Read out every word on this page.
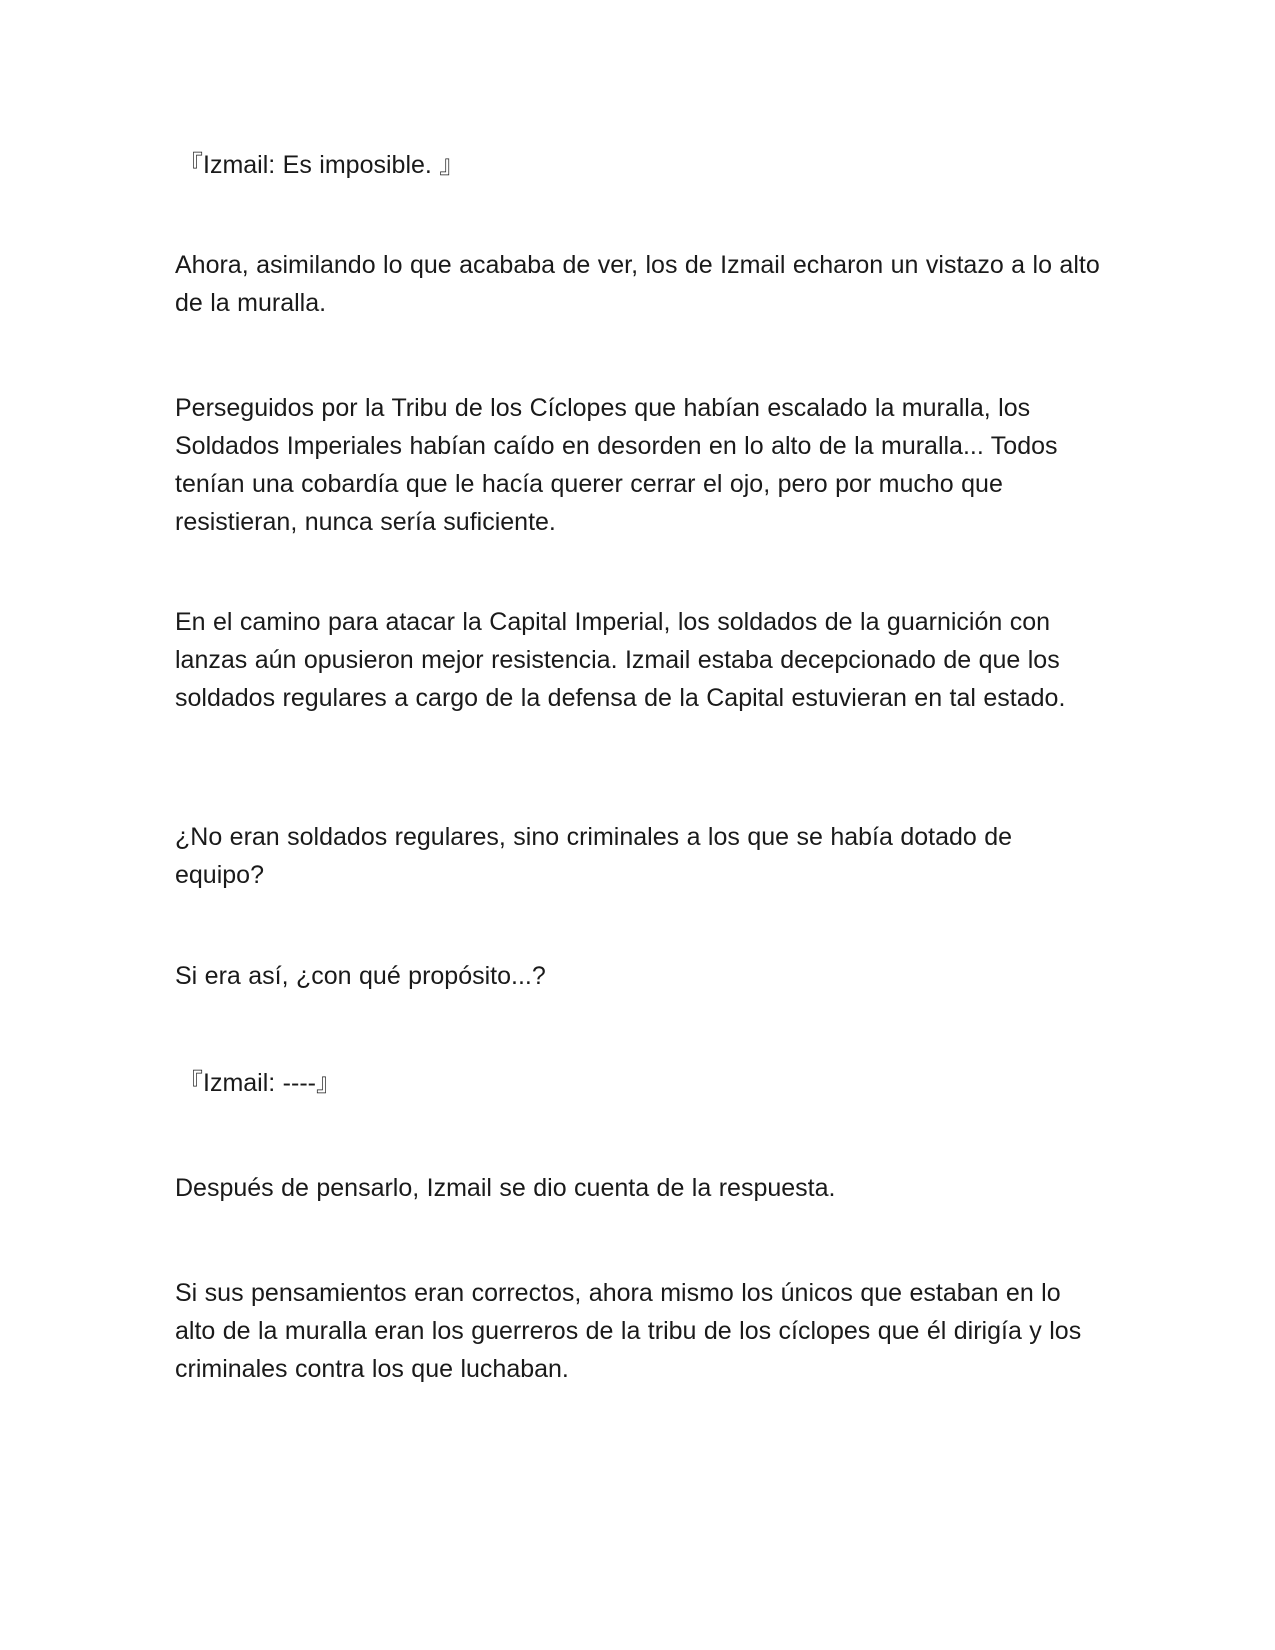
『Izmail: Es imposible. 』

Ahora, asimilando lo que acababa de ver, los de Izmail echaron un vistazo a lo alto de la muralla.

Perseguidos por la Tribu de los Cíclopes que habían escalado la muralla, los Soldados Imperiales habían caído en desorden en lo alto de la muralla... Todos tenían una cobardía que le hacía querer cerrar el ojo, pero por mucho que resistieran, nunca sería suficiente.

En el camino para atacar la Capital Imperial, los soldados de la guarnición con lanzas aún opusieron mejor resistencia. Izmail estaba decepcionado de que los soldados regulares a cargo de la defensa de la Capital estuvieran en tal estado.

¿No eran soldados regulares, sino criminales a los que se había dotado de equipo?

Si era así, ¿con qué propósito...?

『Izmail: ----』

Después de pensarlo, Izmail se dio cuenta de la respuesta.

Si sus pensamientos eran correctos, ahora mismo los únicos que estaban en lo alto de la muralla eran los guerreros de la tribu de los cíclopes que él dirigía y los criminales contra los que luchaban.
